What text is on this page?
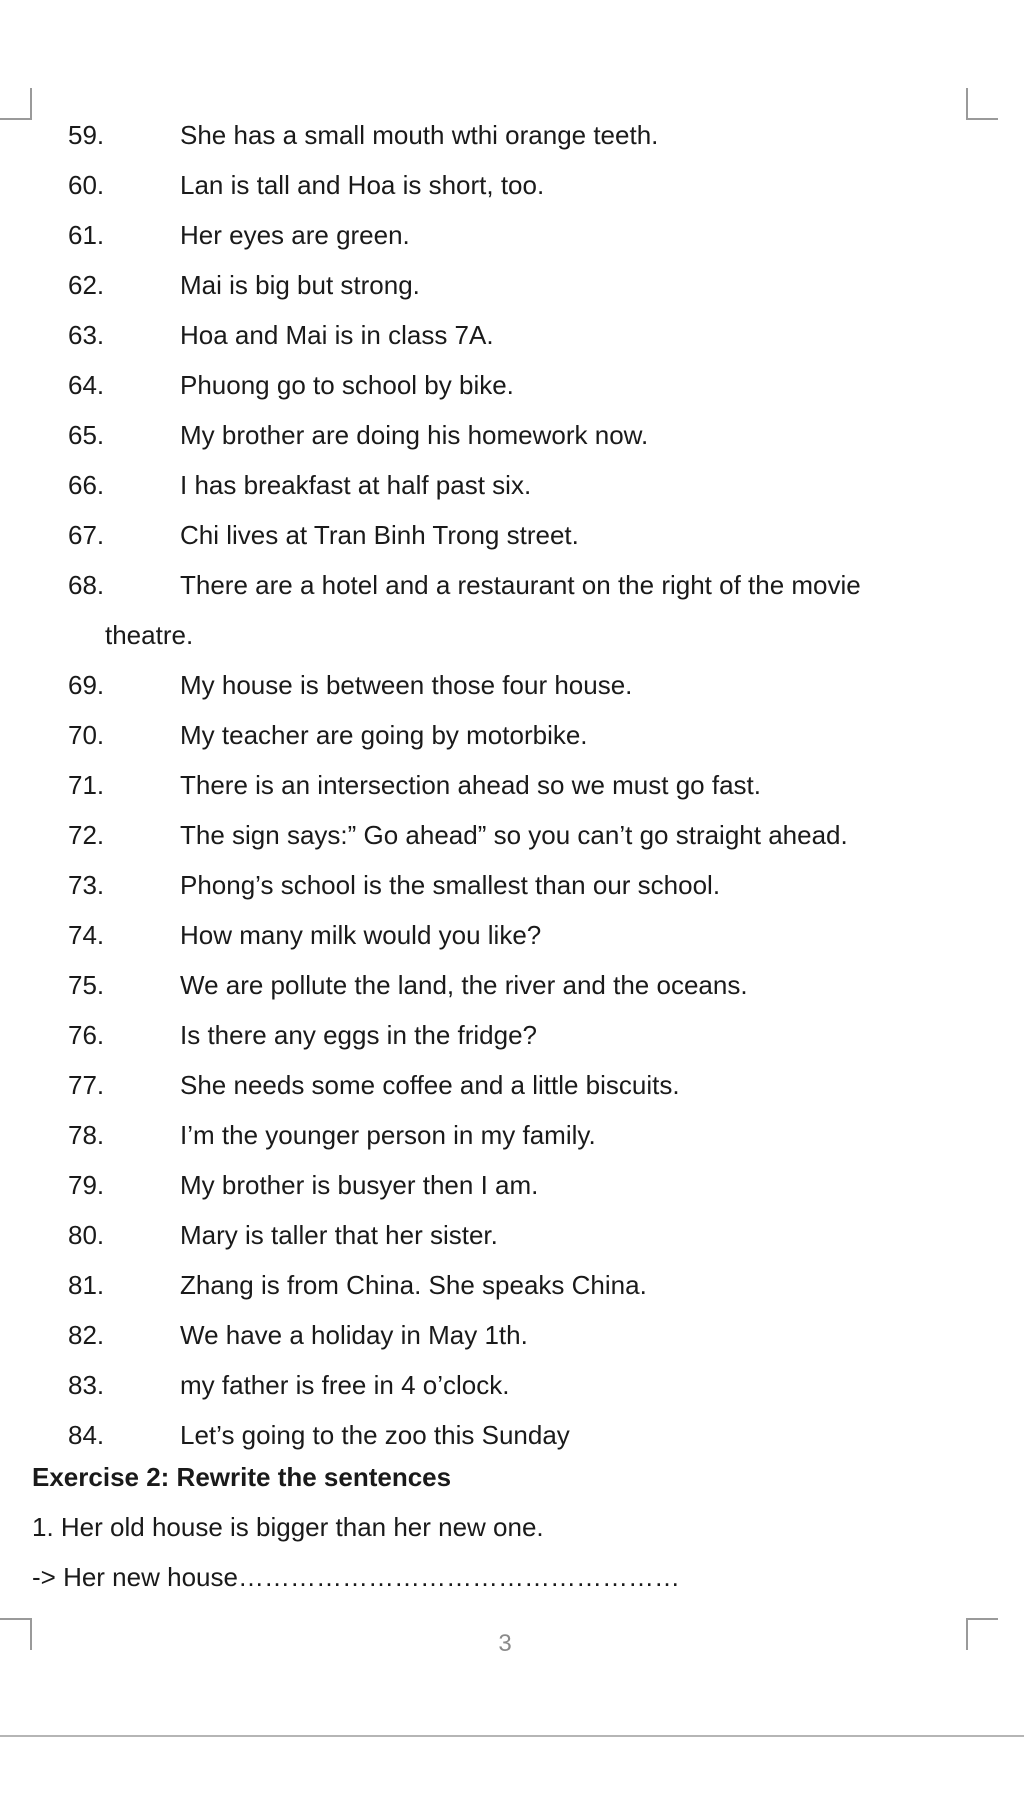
59.	She has a small mouth wthi orange teeth.
60.	Lan is tall and Hoa is short, too.
61.	Her eyes are green.
62.	Mai is big but strong.
63.	Hoa and Mai is in class 7A.
64.	Phuong go to school by bike.
65.	My brother are doing his homework now.
66.	I has breakfast at half past six.
67.	Chi lives at Tran Binh Trong street.
68.	There are a hotel and a restaurant on the right of the movie
theatre.
69.	My house is between those four house.
70.	My teacher are going by motorbike.
71.	There is an intersection ahead so we must go fast.
72.	The sign says:” Go ahead” so you can’t go straight ahead.
73.	Phong’s school is the smallest than our school.
74.	How many milk would you like?
75.	We are pollute the land, the river and the oceans.
76.	Is there any eggs in the fridge?
77.	She needs some coffee and a little biscuits.
78.	I’m the younger person in my family.
79.	My brother is busyer then I am.
80.	Mary is taller that her sister.
81.	Zhang is from China. She speaks China.
82.	We have a holiday in May 1th.
83.	my father is free in 4 o’clock.
84.	Let’s going to the zoo this Sunday
Exercise 2: Rewrite the sentences
1. Her old house is bigger than her new one.
-> Her new house……………………………………………
3
